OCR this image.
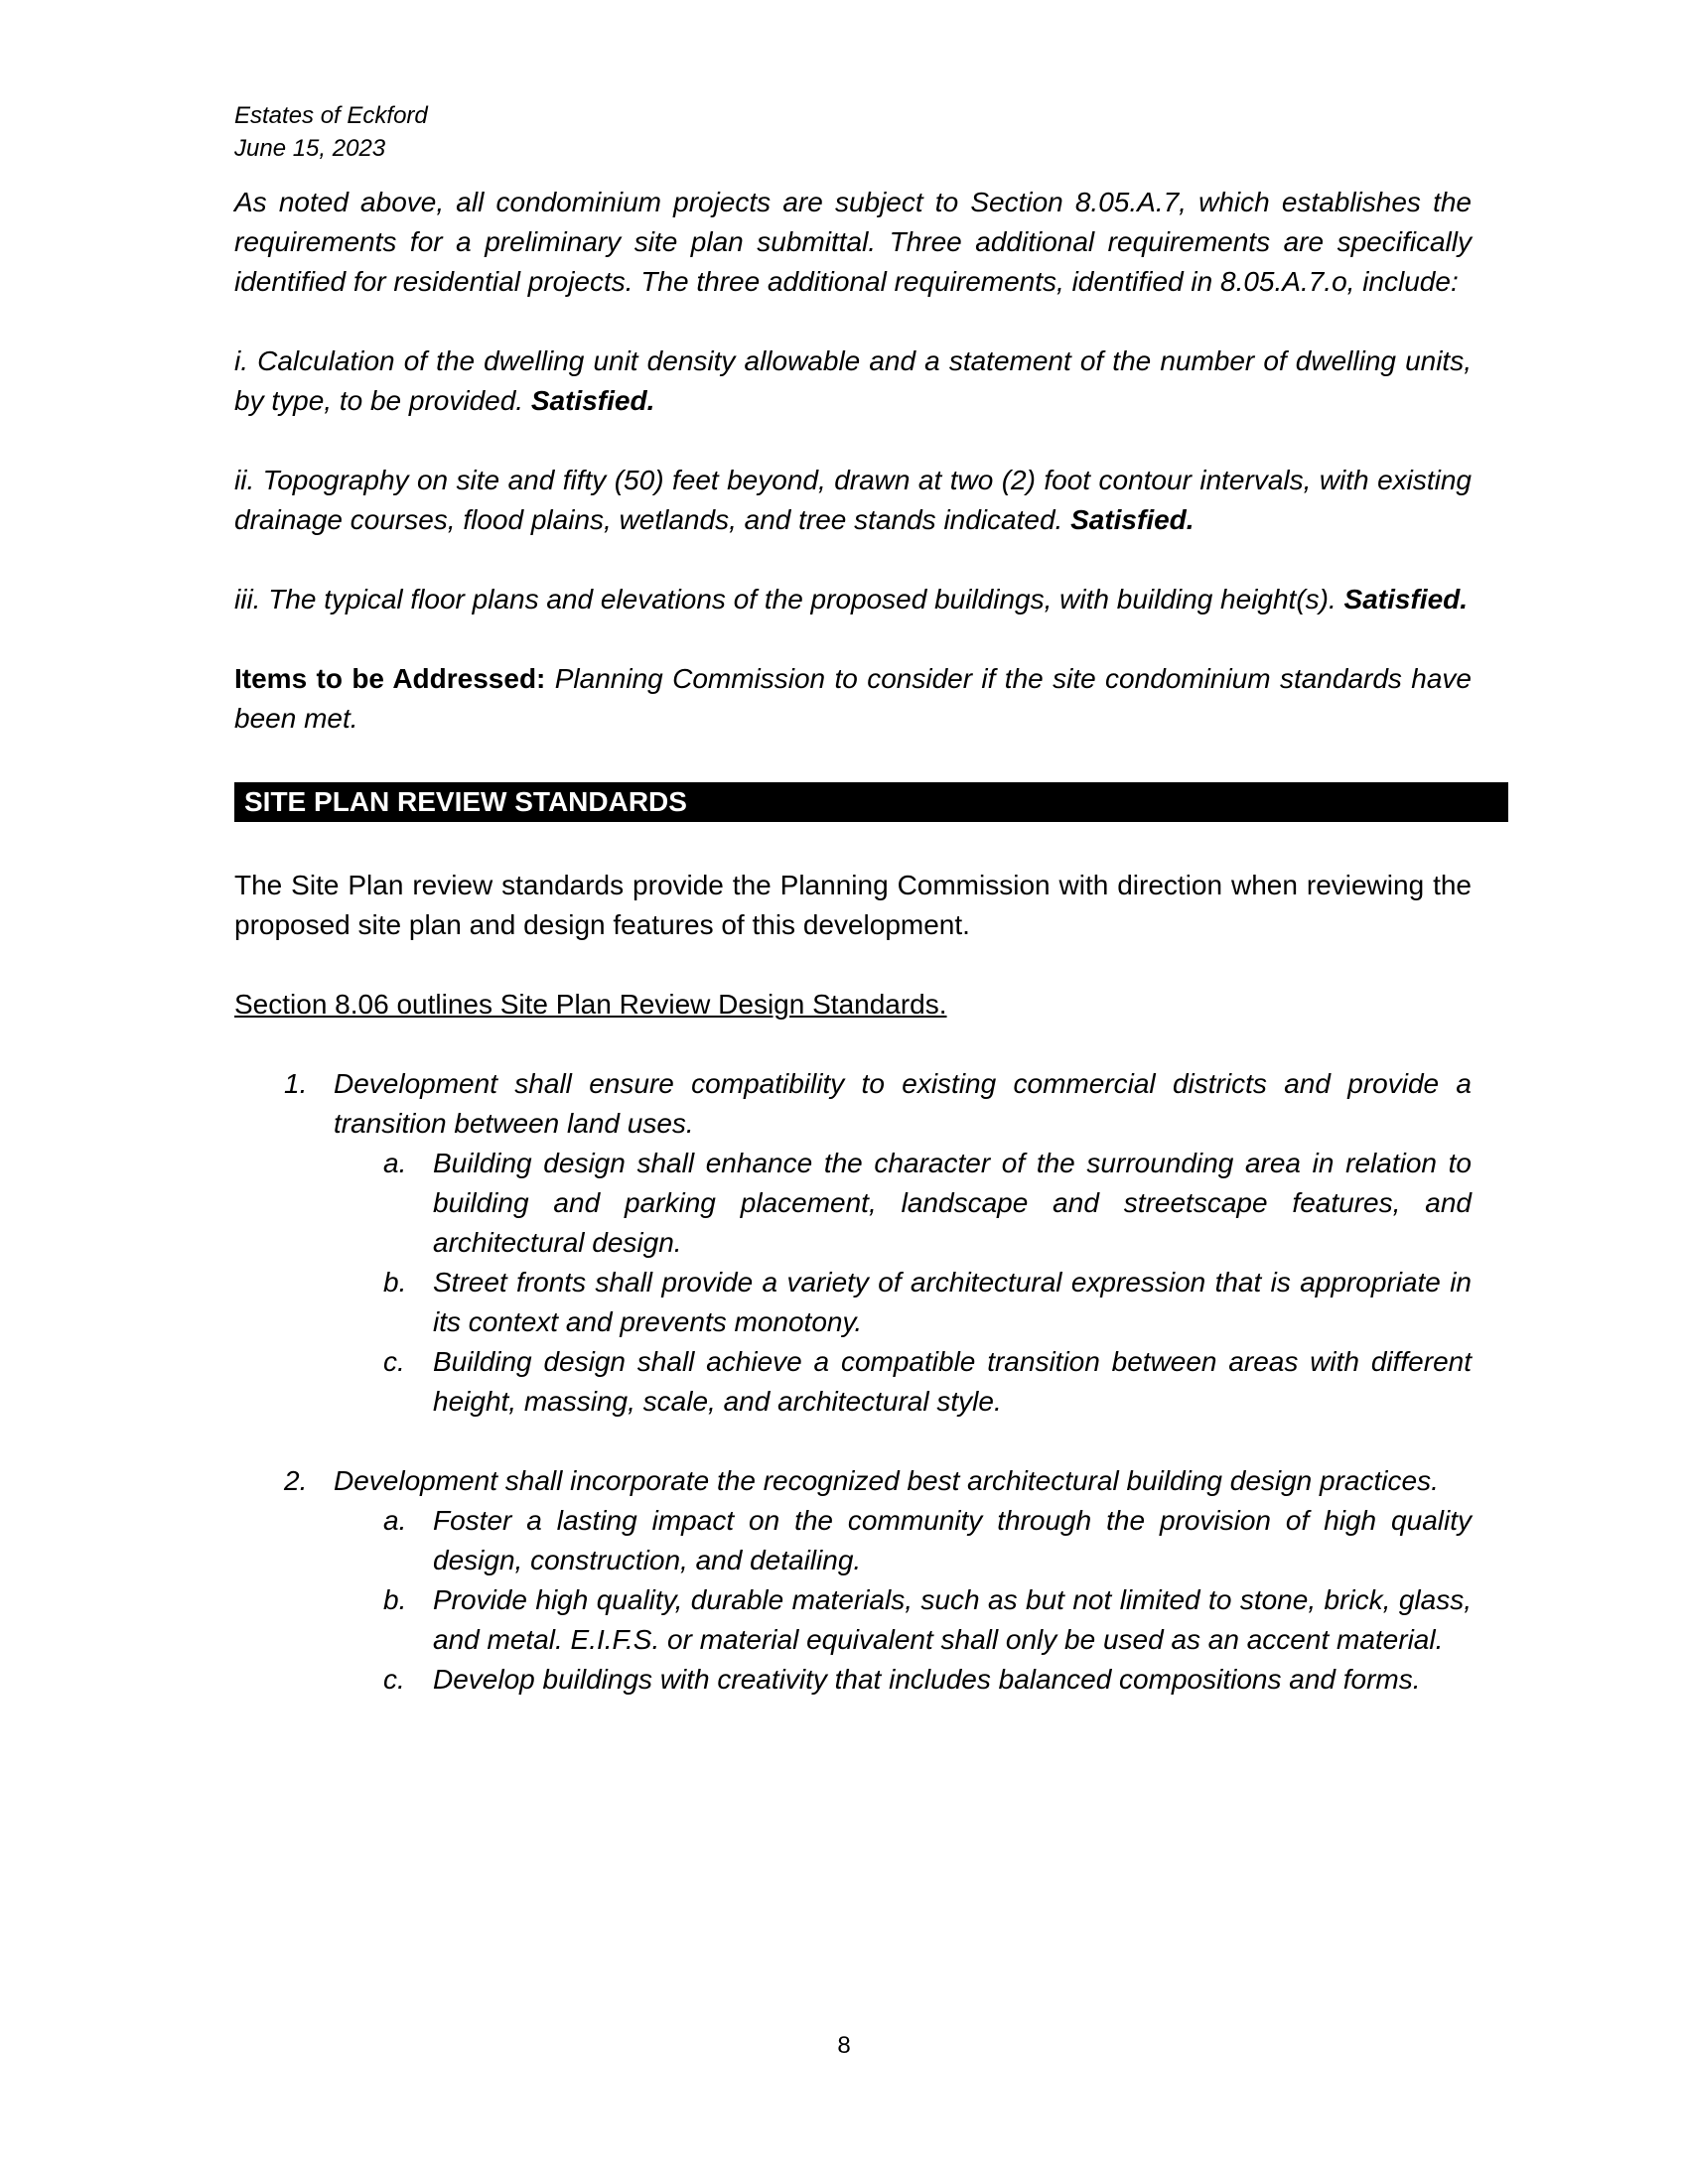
Estates of Eckford
June 15, 2023

As noted above, all condominium projects are subject to Section 8.05.A.7, which establishes the requirements for a preliminary site plan submittal. Three additional requirements are specifically identified for residential projects. The three additional requirements, identified in 8.05.A.7.o, include:

i. Calculation of the dwelling unit density allowable and a statement of the number of dwelling units, by type, to be provided. Satisfied.

ii. Topography on site and fifty (50) feet beyond, drawn at two (2) foot contour intervals, with existing drainage courses, flood plains, wetlands, and tree stands indicated. Satisfied.

iii. The typical floor plans and elevations of the proposed buildings, with building height(s). Satisfied.

Items to be Addressed: Planning Commission to consider if the site condominium standards have been met.

SITE PLAN REVIEW STANDARDS

The Site Plan review standards provide the Planning Commission with direction when reviewing the proposed site plan and design features of this development.

Section 8.06 outlines Site Plan Review Design Standards.

1. Development shall ensure compatibility to existing commercial districts and provide a transition between land uses.
a. Building design shall enhance the character of the surrounding area in relation to building and parking placement, landscape and streetscape features, and architectural design.
b. Street fronts shall provide a variety of architectural expression that is appropriate in its context and prevents monotony.
c. Building design shall achieve a compatible transition between areas with different height, massing, scale, and architectural style.
2. Development shall incorporate the recognized best architectural building design practices.
a. Foster a lasting impact on the community through the provision of high quality design, construction, and detailing.
b. Provide high quality, durable materials, such as but not limited to stone, brick, glass, and metal. E.I.F.S. or material equivalent shall only be used as an accent material.
c. Develop buildings with creativity that includes balanced compositions and forms.
8
